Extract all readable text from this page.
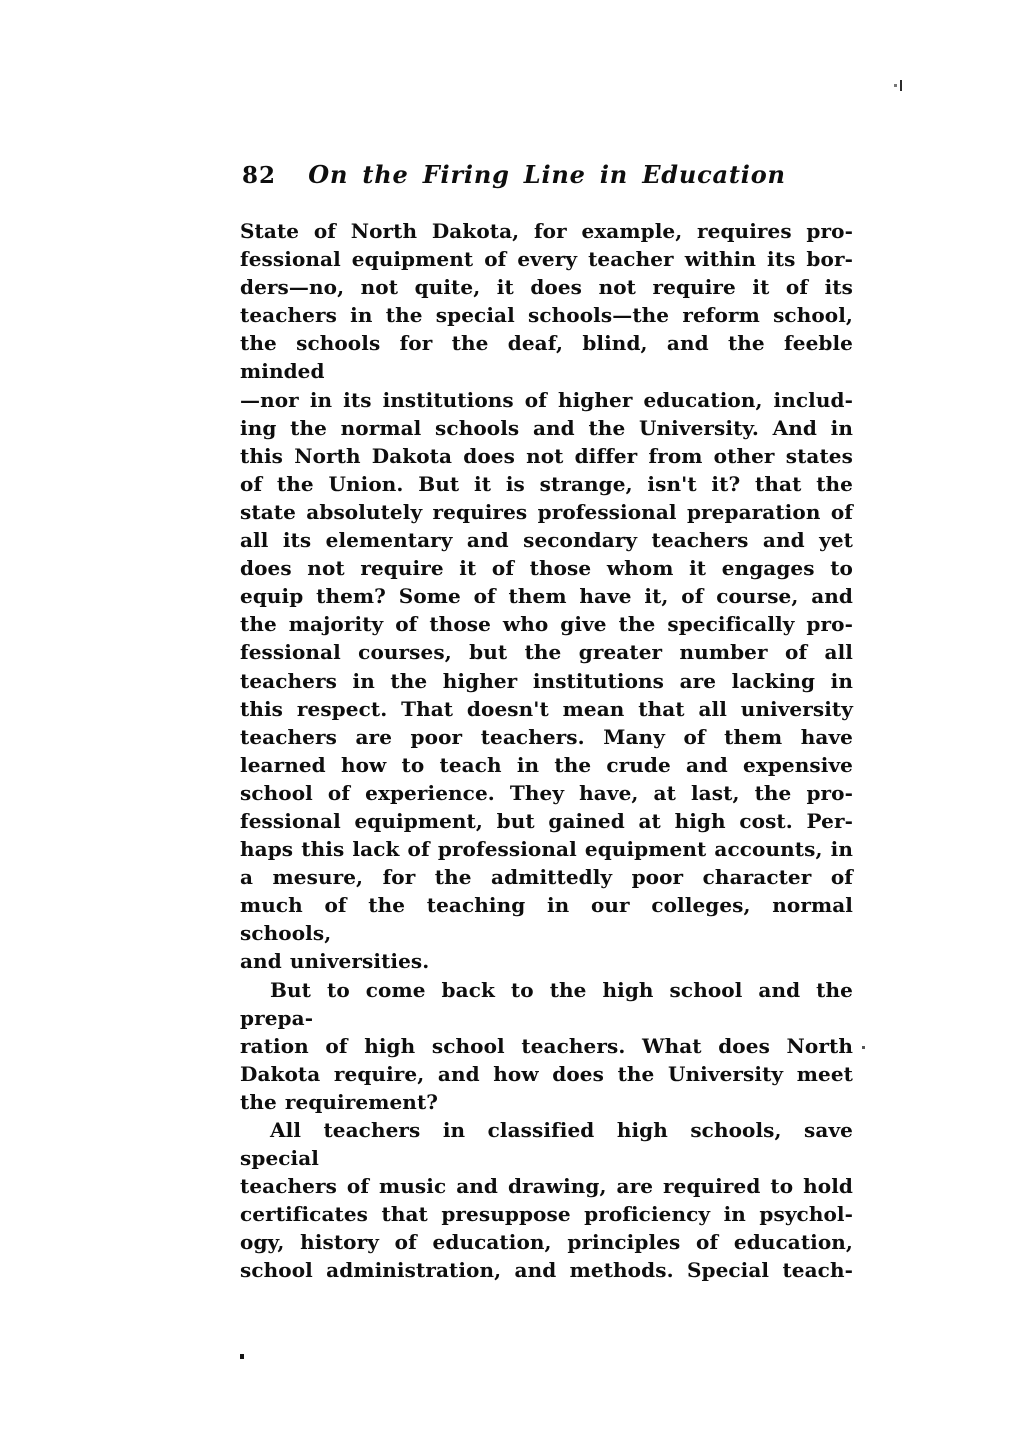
82	On the Firing Line in Education

State of North Dakota, for example, requires pro-
fessional equipment of every teacher within its bor-
ders—no, not quite, it does not require it of its
teachers in the special schools—the reform school,
the schools for the deaf, blind, and the feeble minded
—nor in its institutions of higher education, includ-
ing the normal schools and the University. And in
this North Dakota does not differ from other states
of the Union. But it is strange, isn't it? that the
state absolutely requires professional preparation of
all its elementary and secondary teachers and yet
does not require it of those whom it engages to
equip them? Some of them have it, of course, and
the majority of those who give the specifically pro-
fessional courses, but the greater number of all
teachers in the higher institutions are lacking in
this respect. That doesn't mean that all university
teachers are poor teachers. Many of them have
learned how to teach in the crude and expensive
school of experience. They have, at last, the pro-
fessional equipment, but gained at high cost. Per-
haps this lack of professional equipment accounts, in
a mesure, for the admittedly poor character of
much of the teaching in our colleges, normal schools,
and universities.

But to come back to the high school and the prepa-
ration of high school teachers. What does North
Dakota require, and how does the University meet
the requirement?

All teachers in classified high schools, save special
teachers of music and drawing, are required to hold
certificates that presuppose proficiency in psychol-
ogy, history of education, principles of education,
school administration, and methods. Special teach-
